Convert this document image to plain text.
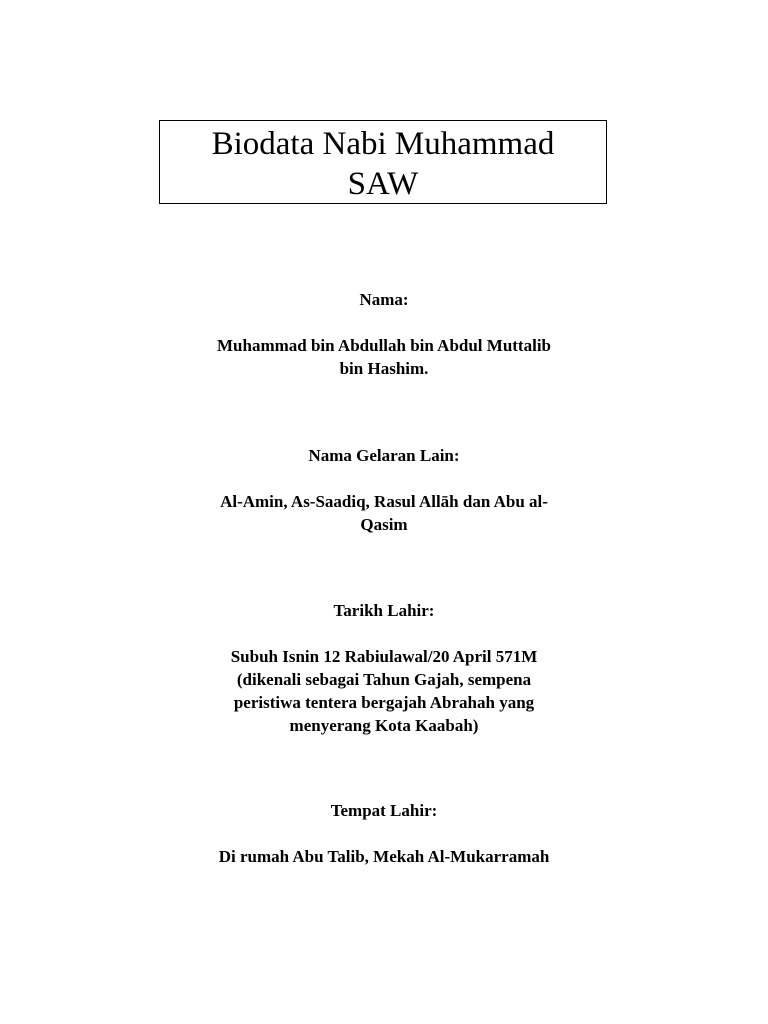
Biodata Nabi Muhammad
SAW

Nama:

Muhammad bin Abdullah bin Abdul Muttalib

bin Hashim.

Nama Gelaran Lain:

Al-Amin, As-Saadiq, Rasul Allāh dan Abu al-

Qasim

Tarikh Lahir:

Subuh Isnin 12 Rabiulawal/20 April 571M

(dikenali sebagai Tahun Gajah, sempena

peristiwa tentera bergajah Abrahah yang

menyerang Kota Kaabah)

Tempat Lahir:

Di rumah Abu Talib, Mekah Al-Mukarramah
